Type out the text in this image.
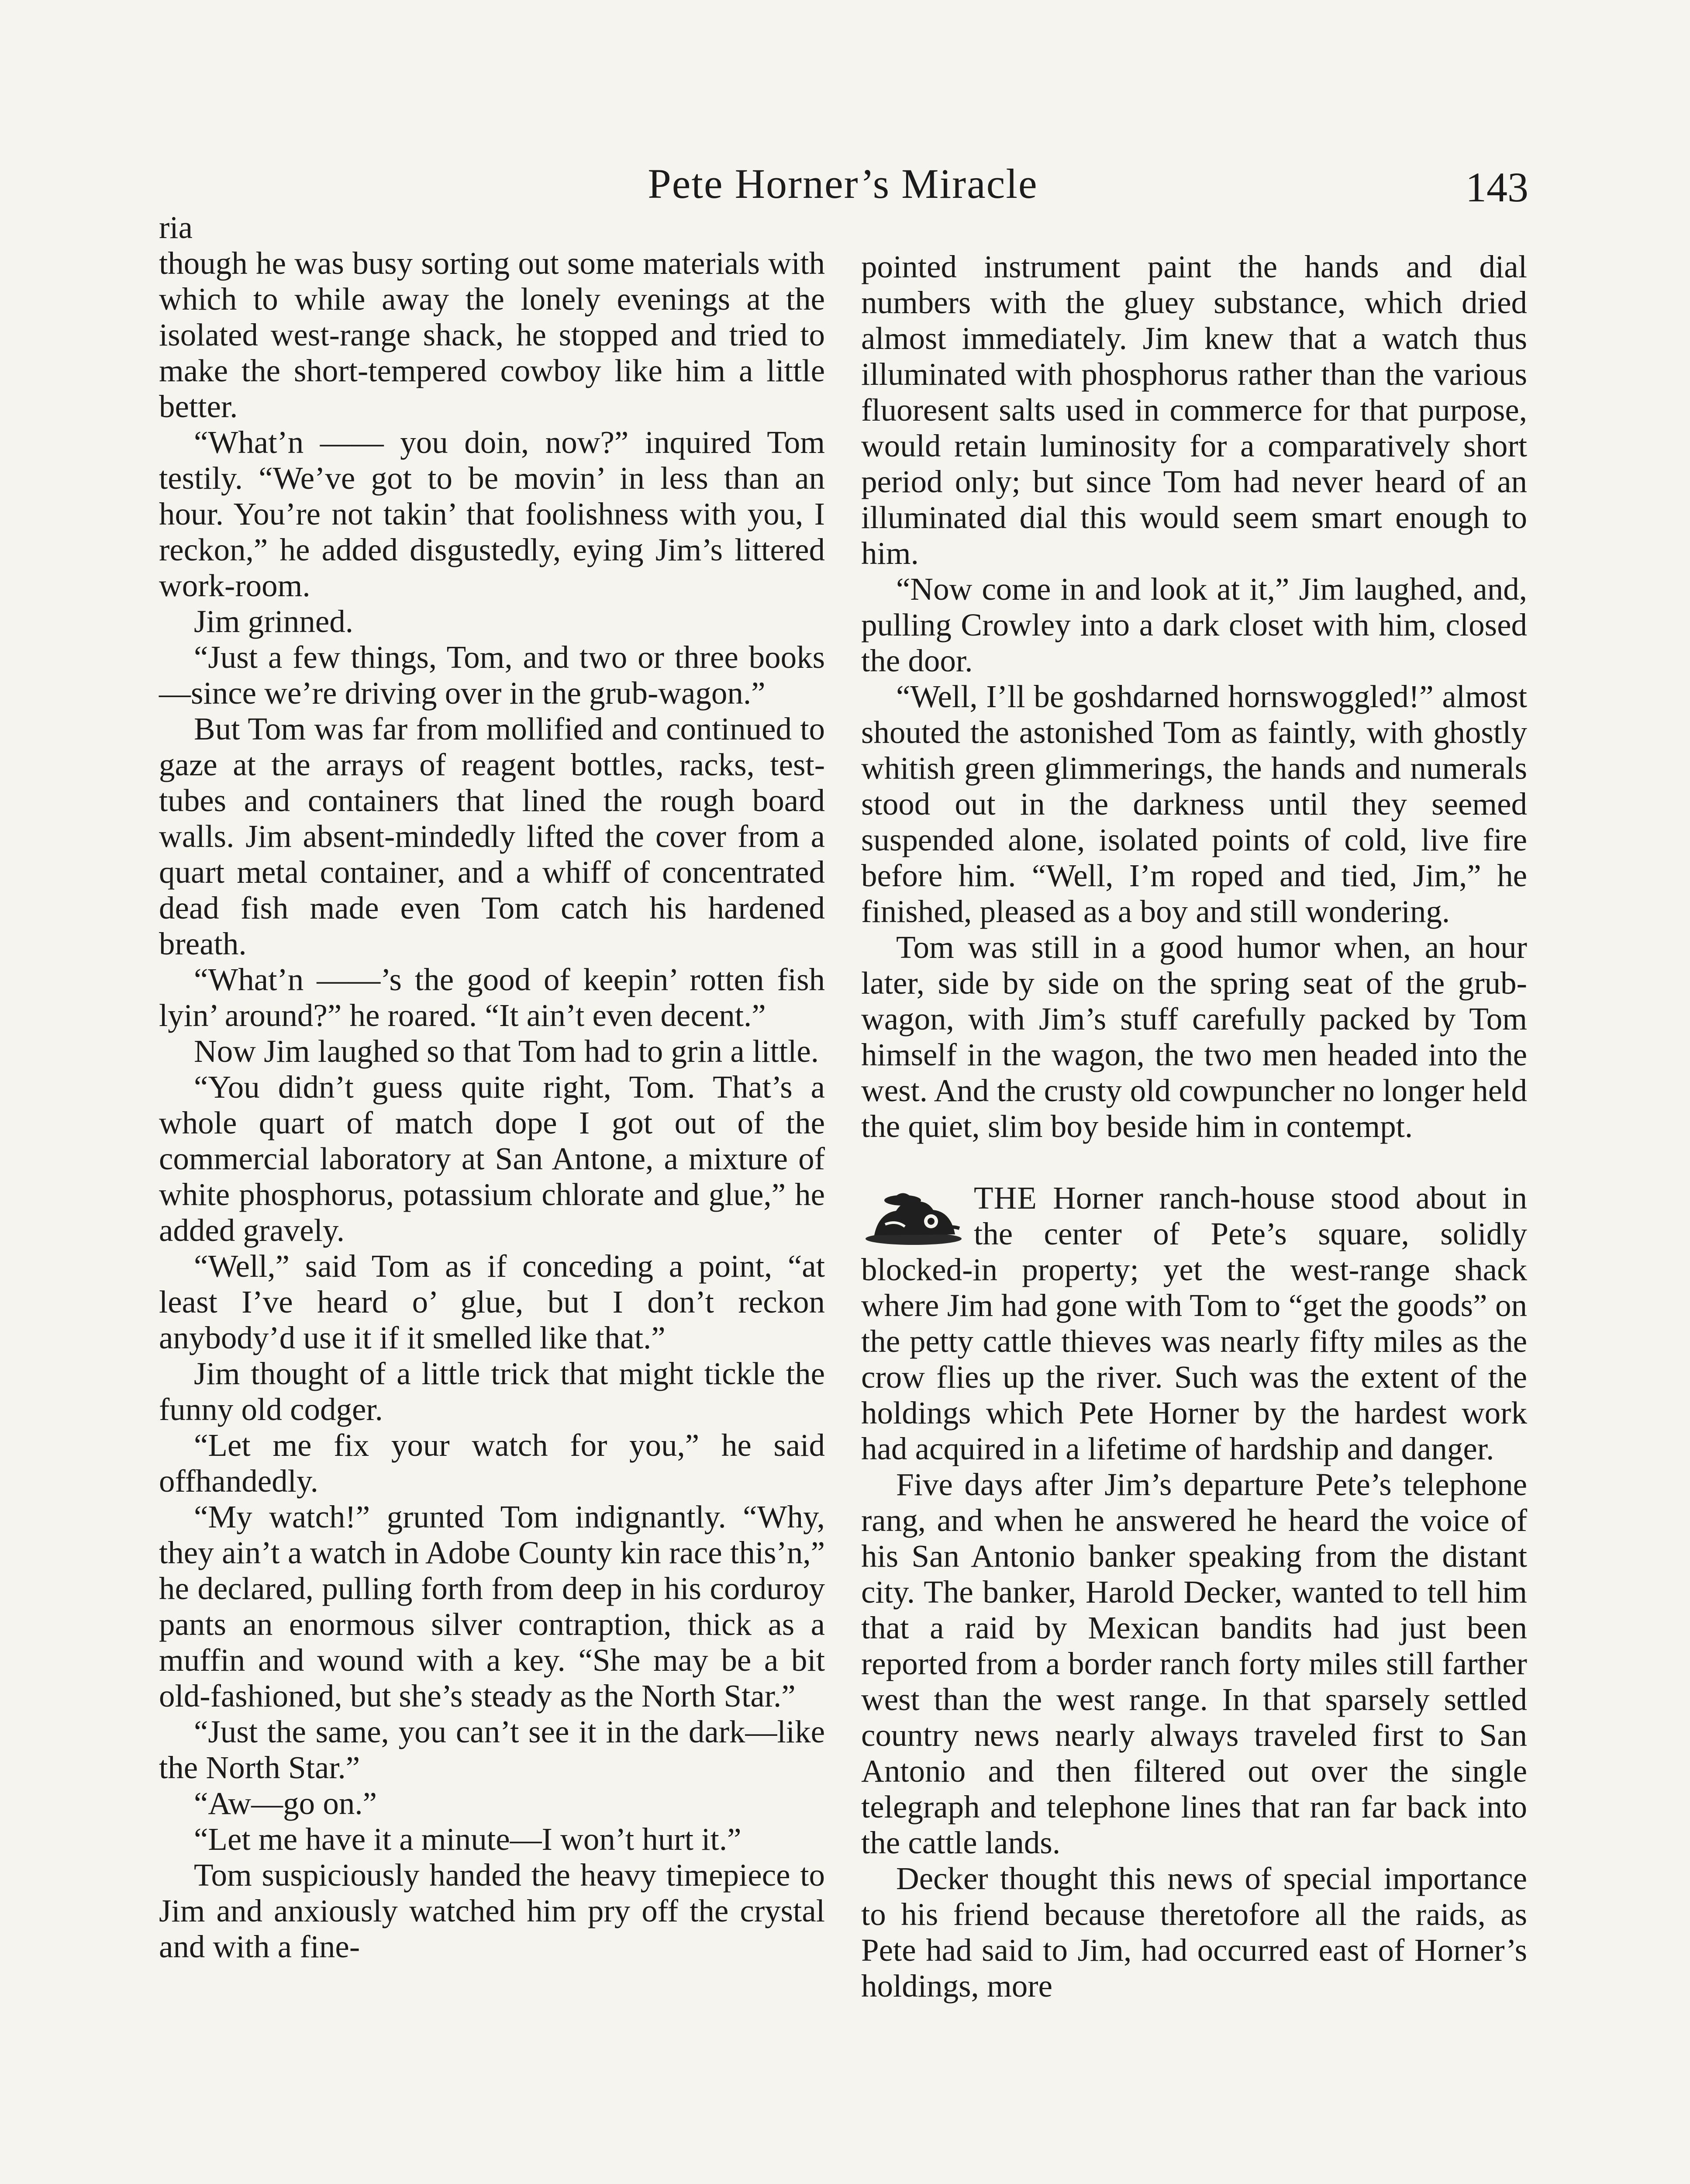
Pete Horner’s Miracle	143

ria

though he was busy sorting out some materials with which to while away the lonely evenings at the isolated west-range shack, he stopped and tried to make the short-tempered cowboy like him a little better.

“What’n —— you doin, now?” inquired Tom testily. “We’ve got to be movin’ in less than an hour. You’re not takin’ that foolishness with you, I reckon,” he added disgustedly, eying Jim’s littered work-room.

Jim grinned.

“Just a few things, Tom, and two or three books—since we’re driving over in the grub-wagon.”

But Tom was far from mollified and continued to gaze at the arrays of reagent bottles, racks, test-tubes and containers that lined the rough board walls. Jim absent-mindedly lifted the cover from a quart metal container, and a whiff of concentrated dead fish made even Tom catch his hardened breath.

“What’n ——’s the good of keepin’ rotten fish lyin’ around?” he roared. “It ain’t even decent.”

Now Jim laughed so that Tom had to grin a little.

“You didn’t guess quite right, Tom. That’s a whole quart of match dope I got out of the commercial laboratory at San Antone, a mixture of white phosphorus, potassium chlorate and glue,” he added gravely.

“Well,” said Tom as if conceding a point, “at least I’ve heard o’ glue, but I don’t reckon anybody’d use it if it smelled like that.”

Jim thought of a little trick that might tickle the funny old codger.

“Let me fix your watch for you,” he said offhandedly.

“My watch!” grunted Tom indignantly. “Why, they ain’t a watch in Adobe County kin race this’n,” he declared, pulling forth from deep in his corduroy pants an enormous silver contraption, thick as a muffin and wound with a key. “She may be a bit old-fashioned, but she’s steady as the North Star.”

“Just the same, you can’t see it in the dark—like the North Star.”

“Aw—go on.”

“Let me have it a minute—I won’t hurt it.”

Tom suspiciously handed the heavy timepiece to Jim and anxiously watched him pry off the crystal and with a fine-

pointed instrument paint the hands and dial numbers with the gluey substance, which dried almost immediately. Jim knew that a watch thus illuminated with phosphorus rather than the various fluoresent salts used in commerce for that purpose, would retain luminosity for a comparatively short period only; but since Tom had never heard of an illuminated dial this would seem smart enough to him.

“Now come in and look at it,” Jim laughed, and, pulling Crowley into a dark closet with him, closed the door.

“Well, I’ll be goshdarned hornswoggled!” almost shouted the astonished Tom as faintly, with ghostly whitish green glimmerings, the hands and numerals stood out in the darkness until they seemed suspended alone, isolated points of cold, live fire before him. “Well, I’m roped and tied, Jim,” he finished, pleased as a boy and still wondering.

Tom was still in a good humor when, an hour later, side by side on the spring seat of the grub-wagon, with Jim’s stuff carefully packed by Tom himself in the wagon, the two men headed into the west. And the crusty old cowpuncher no longer held the quiet, slim boy beside him in contempt.

THE Horner ranch-house stood about in the center of Pete’s square, solidly blocked-in property; yet the west-range shack where Jim had gone with Tom to “get the goods” on the petty cattle thieves was nearly fifty miles as the crow flies up the river. Such was the extent of the holdings which Pete Horner by the hardest work had acquired in a lifetime of hardship and danger.

Five days after Jim’s departure Pete’s telephone rang, and when he answered he heard the voice of his San Antonio banker speaking from the distant city. The banker, Harold Decker, wanted to tell him that a raid by Mexican bandits had just been reported from a border ranch forty miles still farther west than the west range. In that sparsely settled country news nearly always traveled first to San Antonio and then filtered out over the single telegraph and telephone lines that ran far back into the cattle lands.

Decker thought this news of special importance to his friend because theretofore all the raids, as Pete had said to Jim, had occurred east of Horner’s holdings, more
